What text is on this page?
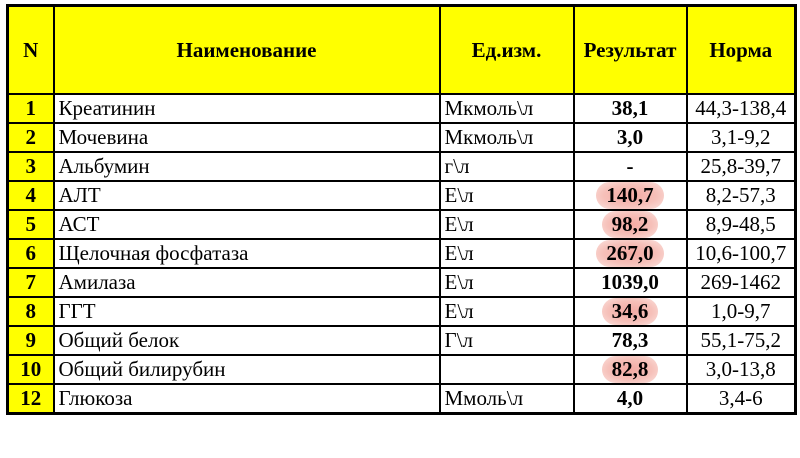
N	Наименование	Ед.изм.	Результат	Норма
1	Креатинин	Мкмоль\л	38,1	44,3-138,4
2	Мочевина	Мкмоль\л	3,0	3,1-9,2
3	Альбумин	г\л	-	25,8-39,7
4	АЛТ	Е\л	140,7	8,2-57,3
5	АСТ	Е\л	98,2	8,9-48,5
6	Щелочная фосфатаза	Е\л	267,0	10,6-100,7
7	Амилаза	Е\л	1039,0	269-1462
8	ГГТ	Е\л	34,6	1,0-9,7
9	Общий белок	Г\л	78,3	55,1-75,2
10	Общий билирубин		82,8	3,0-13,8
12	Глюкоза	Ммоль\л	4,0	3,4-6
